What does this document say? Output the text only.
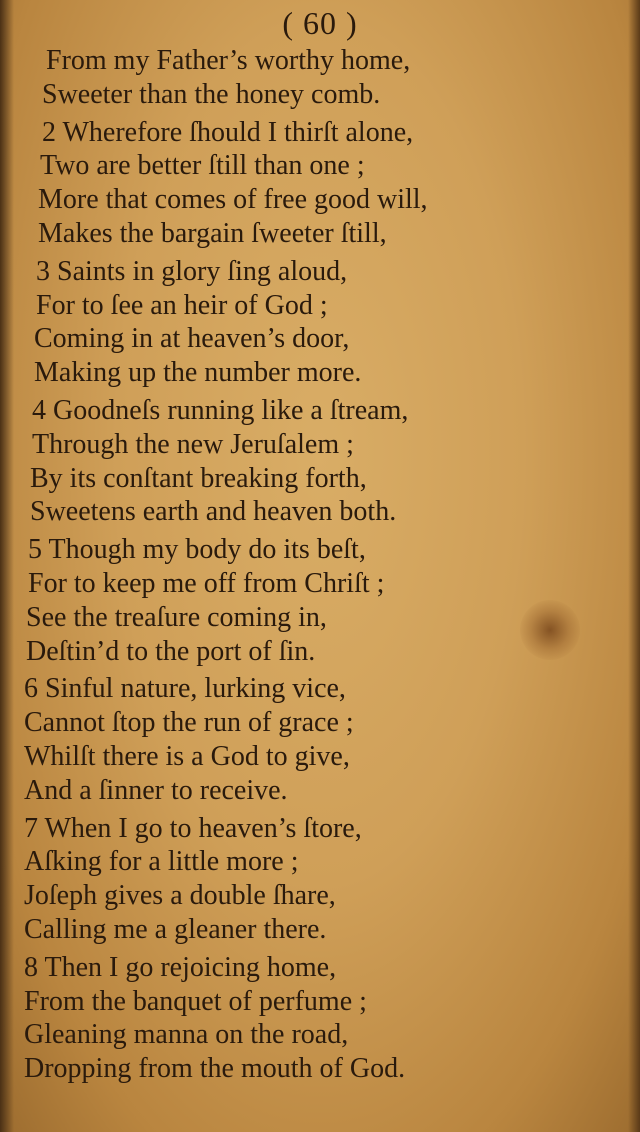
( 60 )
From my Father’s worthy home,
Sweeter than the honey comb.
2 Wherefore ſhould I thirſt alone,
Two are better ſtill than one ;
More that comes of free good will,
Makes the bargain ſweeter ſtill,
3 Saints in glory ſing aloud,
For to ſee an heir of God ;
Coming in at heaven’s door,
Making up the number more.
4 Goodneſs running like a ſtream,
Through the new Jeruſalem ;
By its conſtant breaking forth,
Sweetens earth and heaven both.
5 Though my body do its beſt,
For to keep me off from Chriſt ;
See the treaſure coming in,
Deſtin’d to the port of ſin.
6 Sinful nature, lurking vice,
Cannot ſtop the run of grace ;
Whilſt there is a God to give,
And a ſinner to receive.
7 When I go to heaven’s ſtore,
Aſking for a little more ;
Joſeph gives a double ſhare,
Calling me a gleaner there.
8 Then I go rejoicing home,
From the banquet of perfume ;
Gleaning manna on the road,
Dropping from the mouth of God.
